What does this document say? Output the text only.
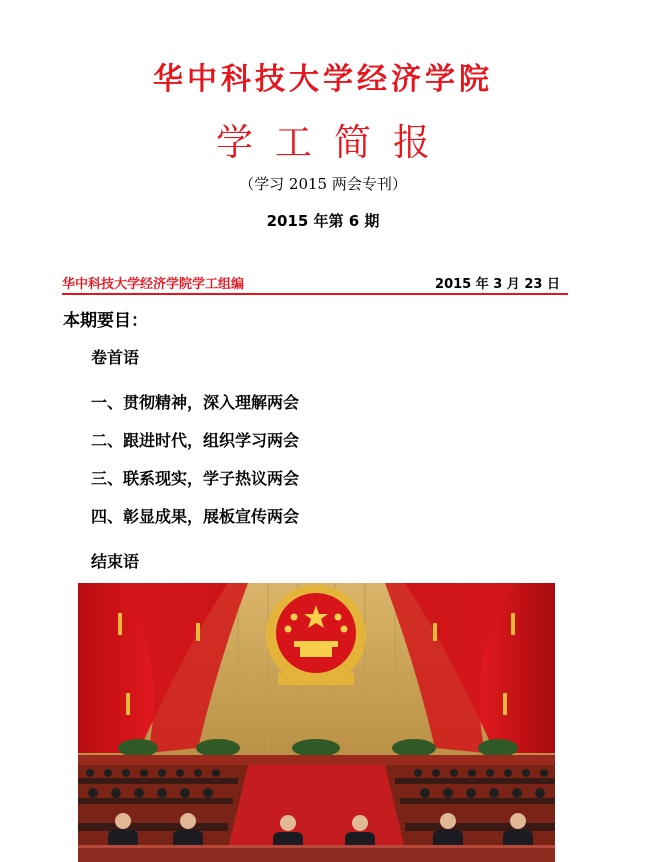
华中科技大学经济学院
学工简报
（学习 2015 两会专刊）
2015 年第 6 期
华中科技大学经济学院学工组编	2015 年 3 月 23 日
本期要目：
卷首语
一、贯彻精神，深入理解两会
二、跟进时代，组织学习两会
三、联系现实，学子热议两会
四、彰显成果，展板宣传两会
结束语
